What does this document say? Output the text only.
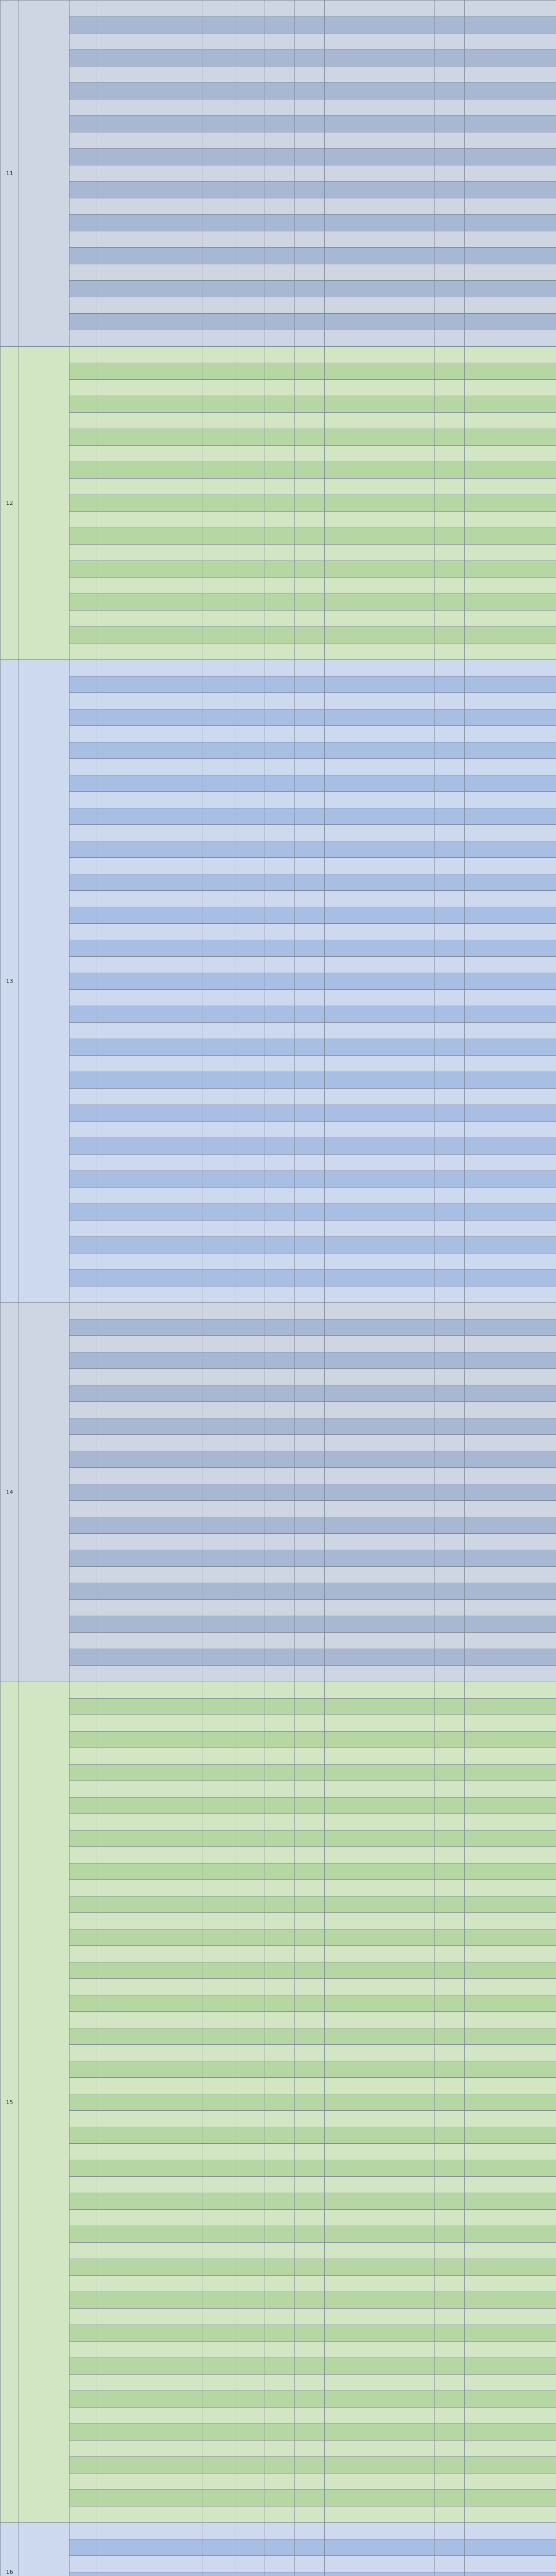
11										

12										

13										

14										

15										

16										
